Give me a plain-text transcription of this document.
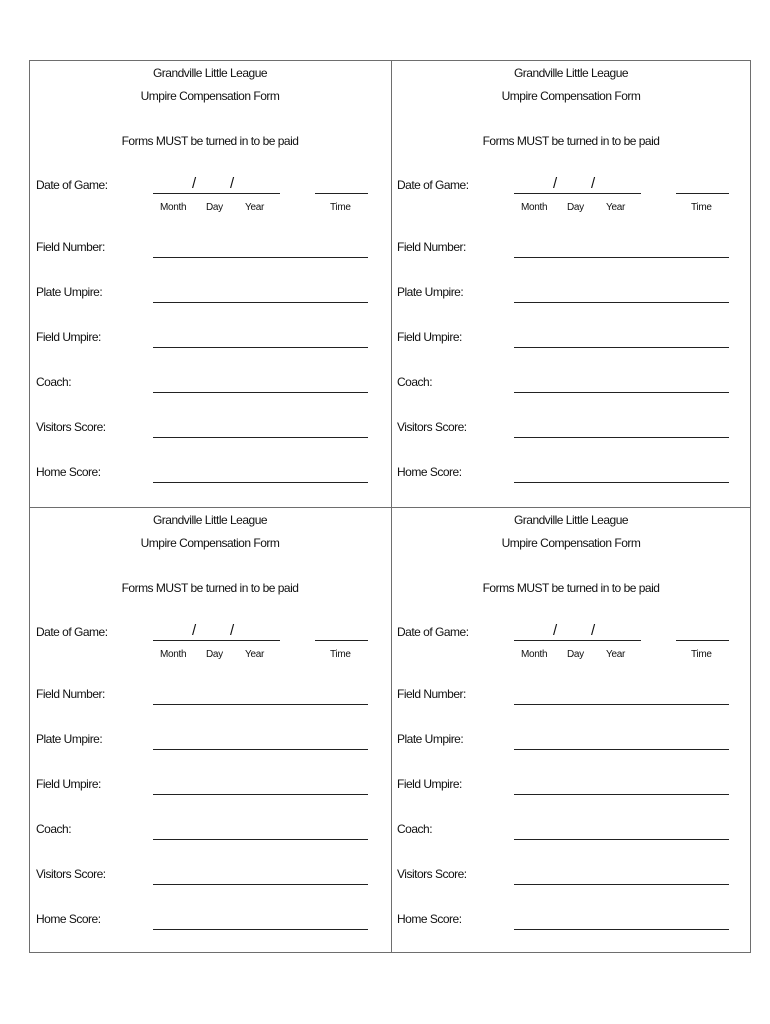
Grandville Little League
Umpire Compensation Form
Forms MUST be turned in to be paid
Date of Game:	/ /
Month Day Year	Time
Field Number:
Plate Umpire:
Field Umpire:
Coach:
Visitors Score:
Home Score:
Grandville Little League
Umpire Compensation Form
Forms MUST be turned in to be paid
Date of Game:	/ /
Month Day Year	Time
Field Number:
Plate Umpire:
Field Umpire:
Coach:
Visitors Score:
Home Score:
Grandville Little League
Umpire Compensation Form
Forms MUST be turned in to be paid
Date of Game:	/ /
Month Day Year	Time
Field Number:
Plate Umpire:
Field Umpire:
Coach:
Visitors Score:
Home Score:
Grandville Little League
Umpire Compensation Form
Forms MUST be turned in to be paid
Date of Game:	/ /
Month Day Year	Time
Field Number:
Plate Umpire:
Field Umpire:
Coach:
Visitors Score:
Home Score:
